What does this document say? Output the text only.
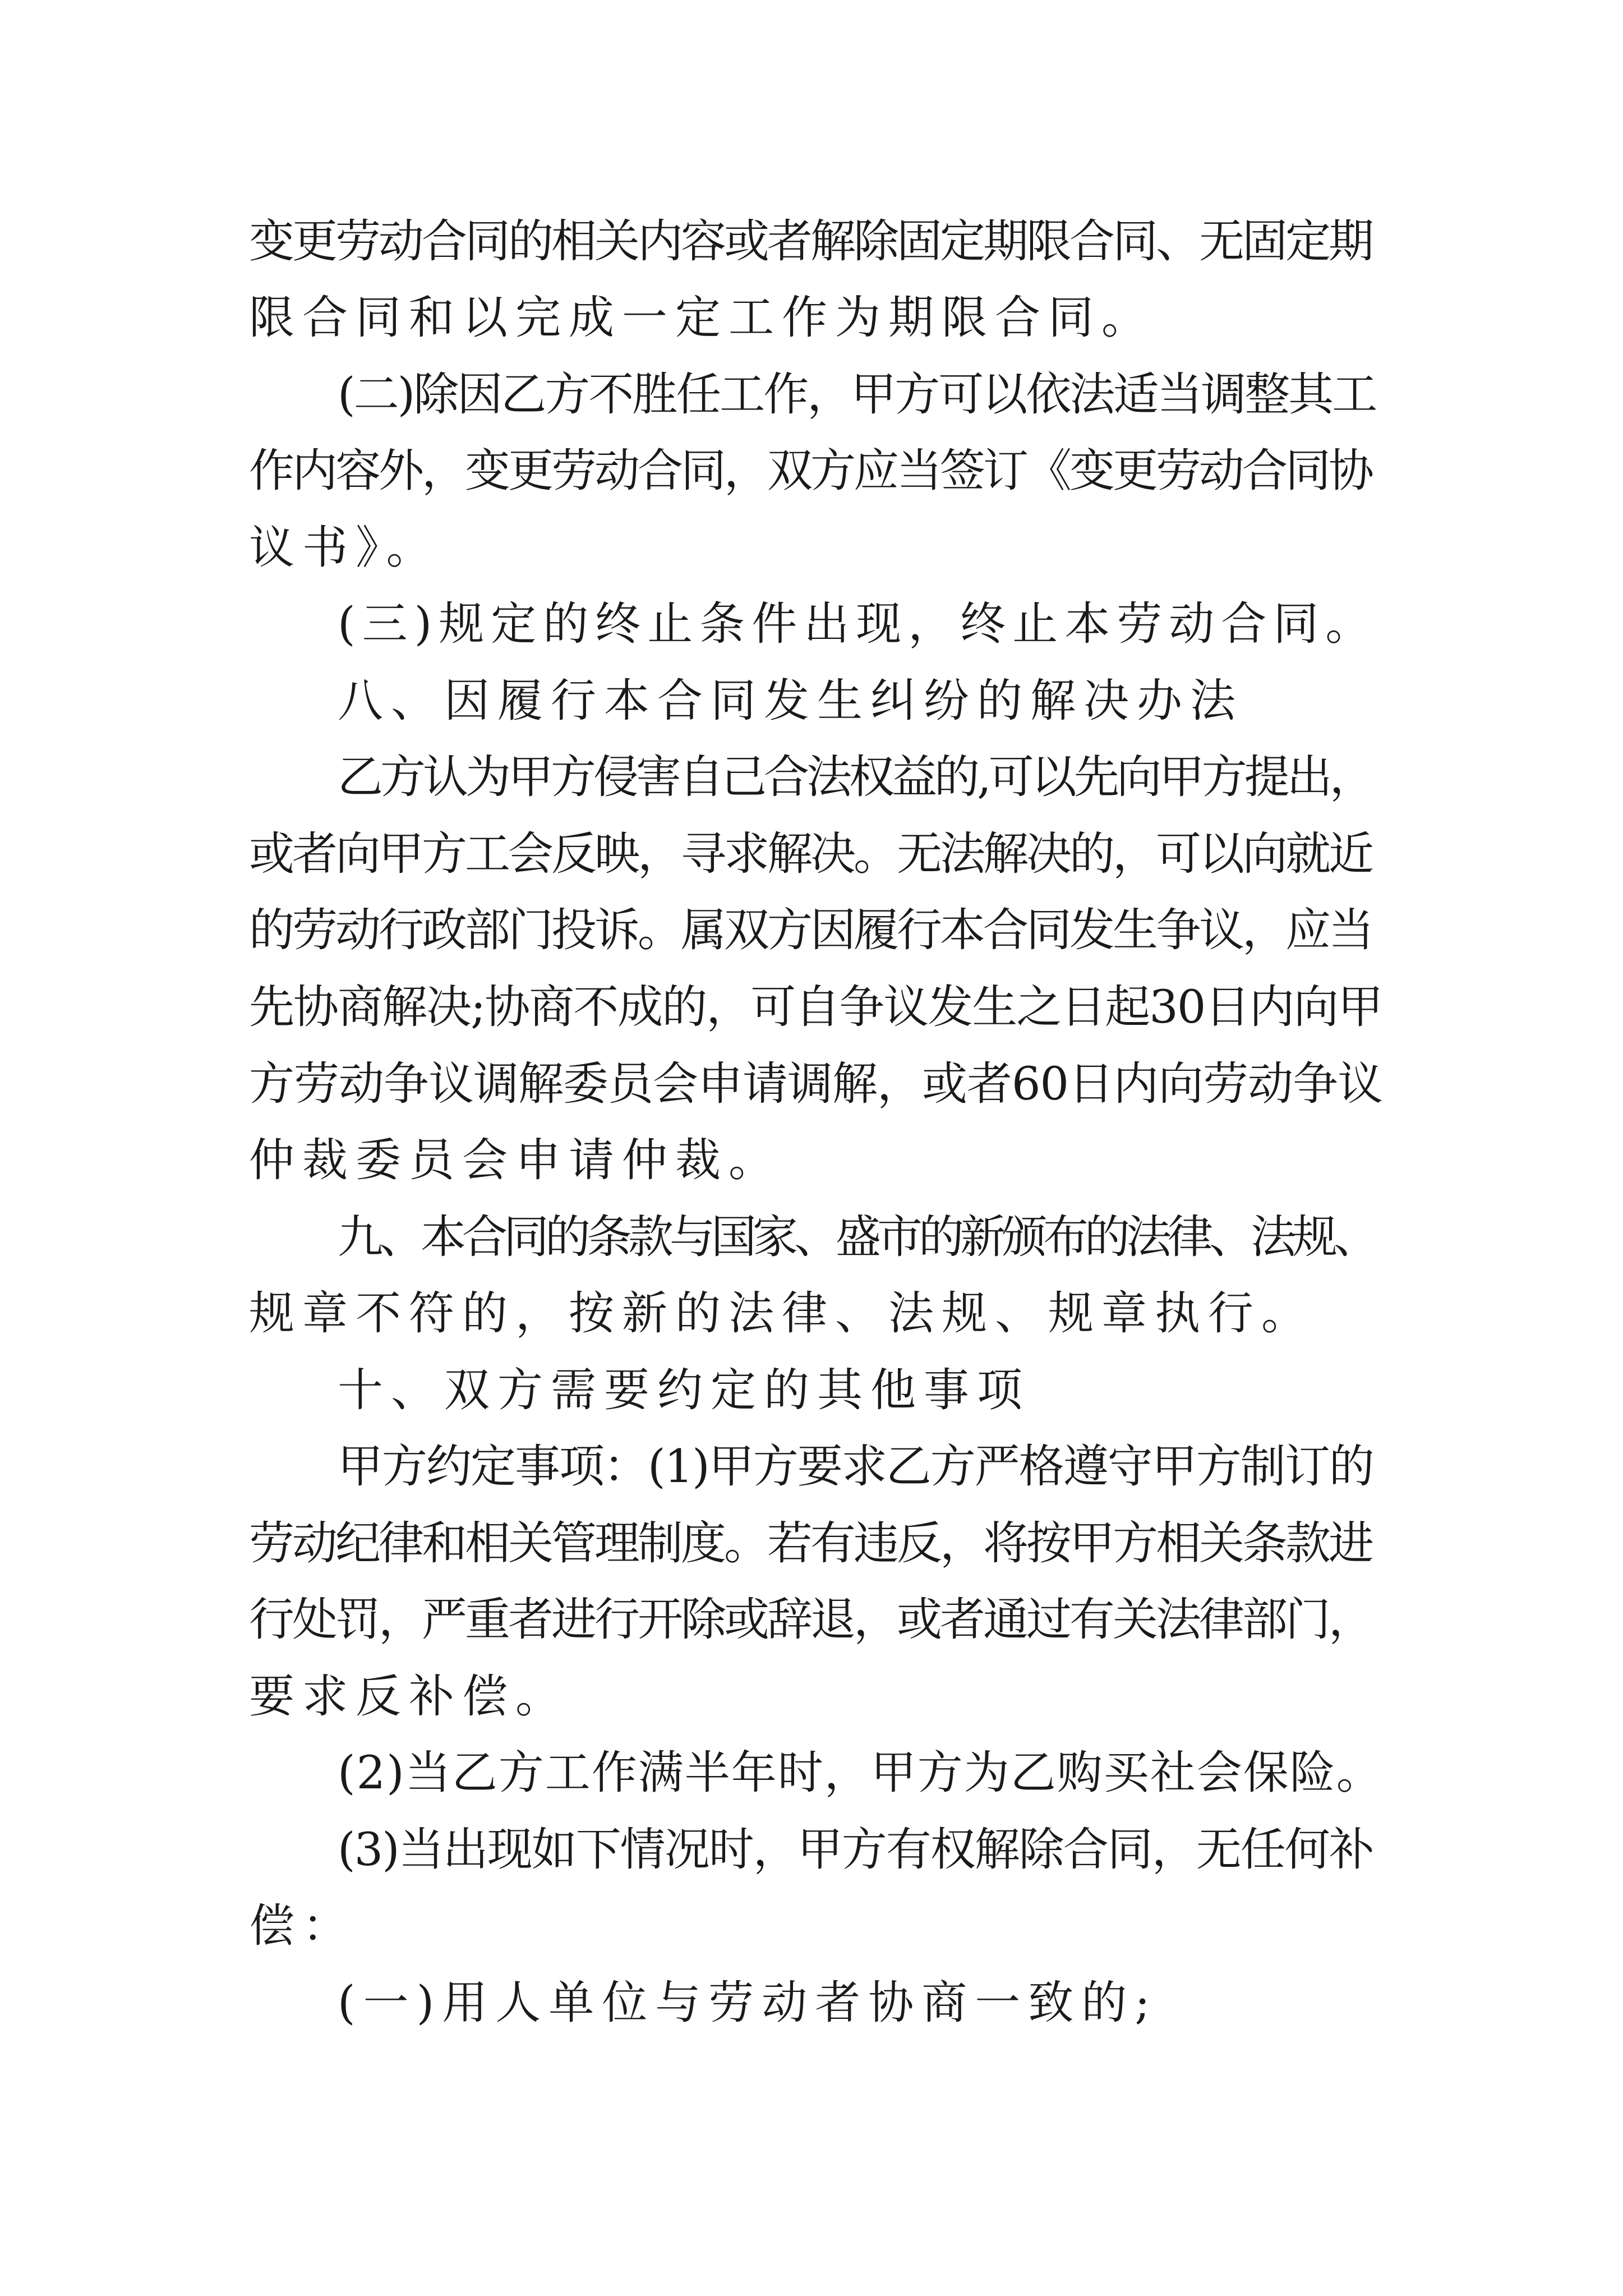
变更劳动合同的相关内容或者解除固定期限合同、无固定期
限合同和以完成一定工作为期限合同。
(二)除因乙方不胜任工作，甲方可以依法适当调整其工
作内容外，变更劳动合同，双方应当签订《变更劳动合同协
议书》。
(三)规定的终止条件出现，终止本劳动合同。
八、因履行本合同发生纠纷的解决办法
乙方认为甲方侵害自己合法权益的,可以先向甲方提出，
或者向甲方工会反映，寻求解决。无法解决的，可以向就近
的劳动行政部门投诉。属双方因履行本合同发生争议，应当
先协商解决;协商不成的，可自争议发生之日起30日内向甲
方劳动争议调解委员会申请调解，或者60日内向劳动争议
仲裁委员会申请仲裁。
九、本合同的条款与国家、盛市的新颁布的法律、法规、
规章不符的，按新的法律、法规、规章执行。
十、双方需要约定的其他事项
甲方约定事项：(1)甲方要求乙方严格遵守甲方制订的
劳动纪律和相关管理制度。若有违反，将按甲方相关条款进
行处罚，严重者进行开除或辞退，或者通过有关法律部门，
要求反补偿。
(2)当乙方工作满半年时，甲方为乙购买社会保险。
(3)当出现如下情况时，甲方有权解除合同，无任何补
偿：
(一)用人单位与劳动者协商一致的;
